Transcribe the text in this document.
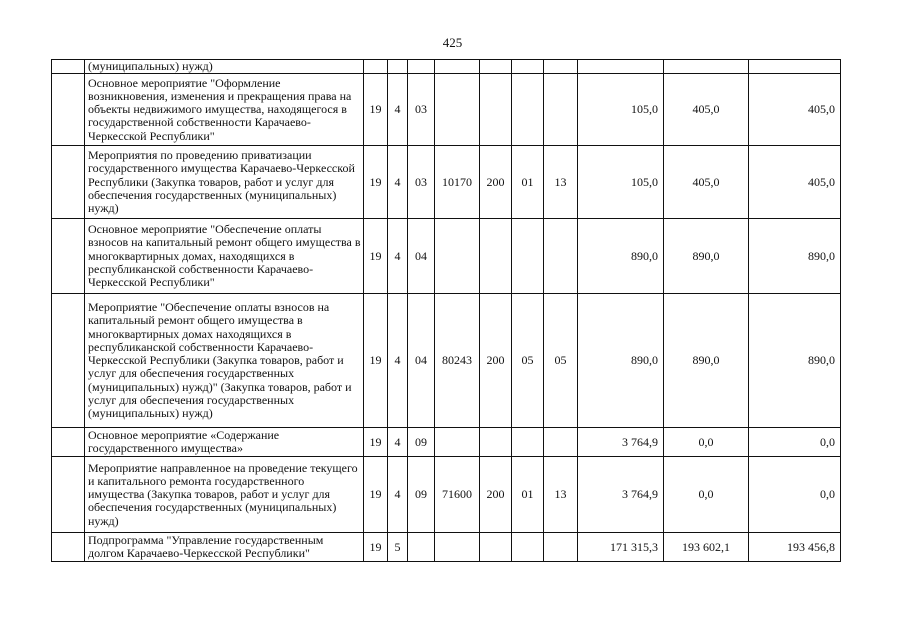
425
	(муниципальных) нужд)										
	Основное мероприятие "Оформление возникновения, изменения и прекращения права на объекты недвижимого имущества, находящегося в государственной собственности Карачаево-Черкесской Республики"	19	4	03					105,0	405,0	405,0
	Мероприятия по проведению приватизации государственного имущества Карачаево-Черкесской Республики (Закупка товаров, работ и услуг для обеспечения государственных (муниципальных) нужд)	19	4	03	10170	200	01	13	105,0	405,0	405,0
	Основное мероприятие "Обеспечение оплаты взносов на капитальный ремонт общего имущества в многоквартирных домах, находящихся в республиканской собственности Карачаево-Черкесской Республики"	19	4	04					890,0	890,0	890,0
	Мероприятие "Обеспечение оплаты взносов на капитальный ремонт общего имущества в многоквартирных домах находящихся в республиканской собственности Карачаево-Черкесской Республики (Закупка товаров, работ и услуг для обеспечения государственных (муниципальных) нужд)" (Закупка товаров, работ и услуг для обеспечения государственных (муниципальных) нужд)	19	4	04	80243	200	05	05	890,0	890,0	890,0
	Основное мероприятие «Содержание государственного имущества»	19	4	09					3 764,9	0,0	0,0
	Мероприятие направленное на проведение текущего и капитального ремонта государственного имущества (Закупка товаров, работ и услуг для обеспечения государственных (муниципальных) нужд)	19	4	09	71600	200	01	13	3 764,9	0,0	0,0
	Подпрограмма "Управление государственным долгом Карачаево-Черкесской Республики"	19	5						171 315,3	193 602,1	193 456,8
